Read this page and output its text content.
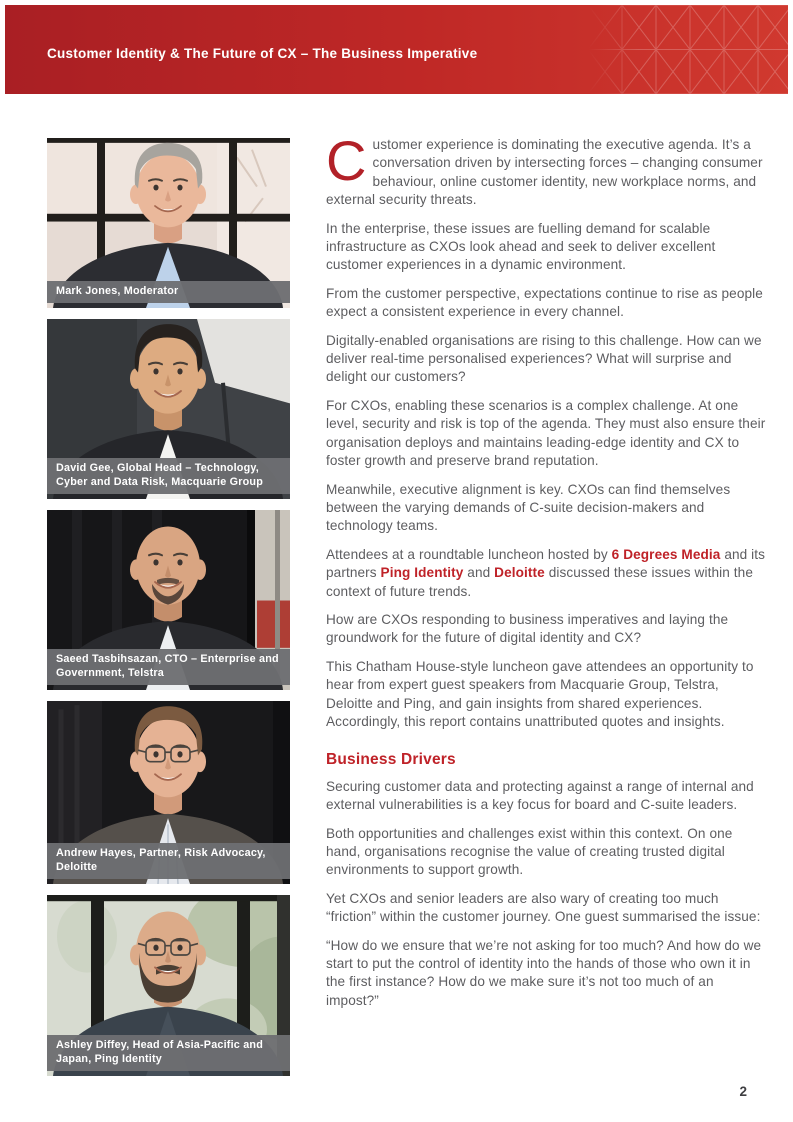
Customer Identity & The Future of CX – The Business Imperative
Mark Jones, Moderator
David Gee, Global Head – Technology, Cyber and Data Risk, Macquarie Group
Saeed Tasbihsazan, CTO – Enterprise and Government, Telstra
Andrew Hayes, Partner, Risk Advocacy, Deloitte
Ashley Diffey, Head of Asia-Pacific and Japan, Ping Identity

Customer experience is dominating the executive agenda. It’s a conversation driven by intersecting forces – changing consumer behaviour, online customer identity, new workplace norms, and external security threats.

In the enterprise, these issues are fuelling demand for scalable infrastructure as CXOs look ahead and seek to deliver excellent customer experiences in a dynamic environment.

From the customer perspective, expectations continue to rise as people expect a consistent experience in every channel.

Digitally-enabled organisations are rising to this challenge. How can we deliver real-time personalised experiences? What will surprise and delight our customers?

For CXOs, enabling these scenarios is a complex challenge. At one level, security and risk is top of the agenda. They must also ensure their organisation deploys and maintains leading-edge identity and CX to foster growth and preserve brand reputation.

Meanwhile, executive alignment is key. CXOs can find themselves between the varying demands of C-suite decision-makers and technology teams.

Attendees at a roundtable luncheon hosted by 6 Degrees Media and its partners Ping Identity and Deloitte discussed these issues within the context of future trends.

How are CXOs responding to business imperatives and laying the groundwork for the future of digital identity and CX?

This Chatham House-style luncheon gave attendees an opportunity to hear from expert guest speakers from Macquarie Group, Telstra, Deloitte and Ping, and gain insights from shared experiences. Accordingly, this report contains unattributed quotes and insights.

Business Drivers

Securing customer data and protecting against a range of internal and external vulnerabilities is a key focus for board and C-suite leaders.

Both opportunities and challenges exist within this context. On one hand, organisations recognise the value of creating trusted digital environments to support growth.

Yet CXOs and senior leaders are also wary of creating too much “friction” within the customer journey. One guest summarised the issue:

“How do we ensure that we’re not asking for too much? And how do we start to put the control of identity into the hands of those who own it in the first instance? How do we make sure it’s not too much of an impost?”

2
